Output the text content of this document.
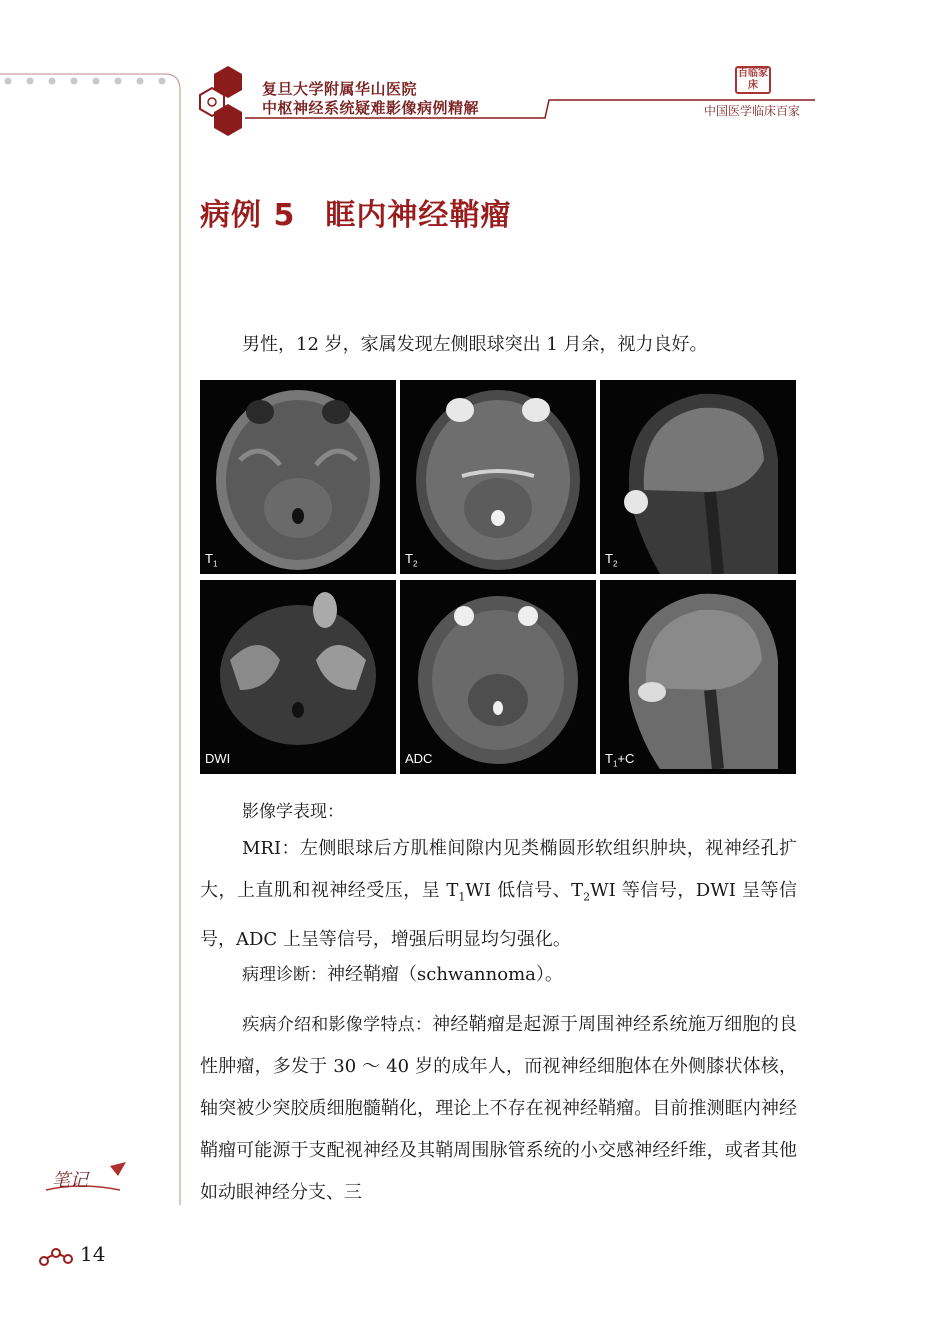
复旦大学附属华山医院
中枢神经系统疑难影像病例精解
百临家床
中国医学临床百家
病例 5 眶内神经鞘瘤
男性，12 岁，家属发现左侧眼球突出 1 月余，视力良好。
$T_1$	$T_2$	$T_2$
DWI	ADC	$T_1+C$
影像学表现：
MRI：左侧眼球后方肌椎间隙内见类椭圆形软组织肿块，视神经孔扩大，上直肌和视神经受压，呈 $T_1WI$ 低信号、$T_2WI$ 等信号，DWI 呈等信号，ADC 上呈等信号，增强后明显均匀强化。
病理诊断：神经鞘瘤（schwannoma）。
疾病介绍和影像学特点：神经鞘瘤是起源于周围神经系统施万细胞的良性肿瘤，多发于 30 ～ 40 岁的成年人，而视神经细胞体在外侧膝状体核，轴突被少突胶质细胞髓鞘化，理论上不存在视神经鞘瘤。目前推测眶内神经鞘瘤可能源于支配视神经及其鞘周围脉管系统的小交感神经纤维，或者其他如动眼神经分支、三
笔记
14
